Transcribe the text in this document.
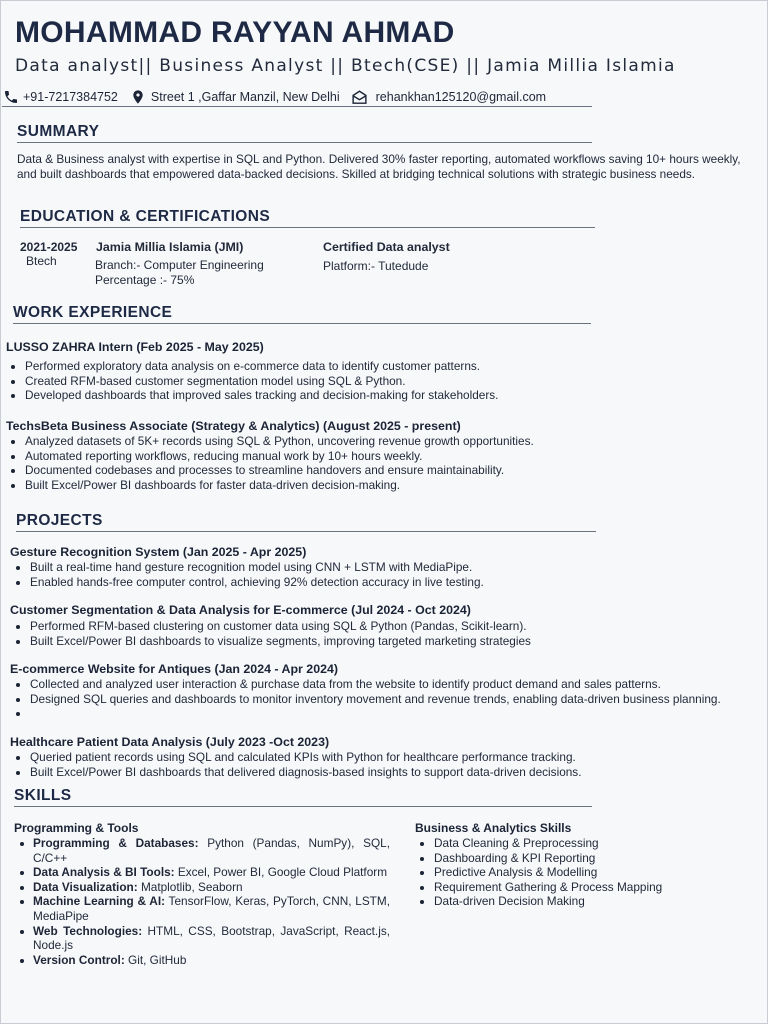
MOHAMMAD RAYYAN AHMAD
Data analyst|| Business Analyst || Btech(CSE) || Jamia Millia Islamia
+91-7217384752	Street 1 ,Gaffar Manzil, New Delhi	rehankhan125120@gmail.com
SUMMARY
Data & Business analyst with expertise in SQL and Python. Delivered 30% faster reporting, automated workflows saving 10+ hours weekly, and built dashboards that empowered data-backed decisions. Skilled at bridging technical solutions with strategic business needs.
EDUCATION & CERTIFICATIONS
2021-2025
Btech
Jamia Millia Islamia (JMI)
Branch:- Computer Engineering
Percentage :- 75%
Certified Data analyst
Platform:- Tutedude
WORK EXPERIENCE
LUSSO ZAHRA Intern (Feb 2025 - May 2025)
Performed exploratory data analysis on e-commerce data to identify customer patterns.
Created RFM-based customer segmentation model using SQL & Python.
Developed dashboards that improved sales tracking and decision-making for stakeholders.
TechsBeta Business Associate (Strategy & Analytics) (August 2025 - present)
Analyzed datasets of 5K+ records using SQL & Python, uncovering revenue growth opportunities.
Automated reporting workflows, reducing manual work by 10+ hours weekly.
Documented codebases and processes to streamline handovers and ensure maintainability.
Built Excel/Power BI dashboards for faster data-driven decision-making.
PROJECTS
Gesture Recognition System (Jan 2025 - Apr 2025)
Built a real-time hand gesture recognition model using CNN + LSTM with MediaPipe.
Enabled hands-free computer control, achieving 92% detection accuracy in live testing.
Customer Segmentation & Data Analysis for E-commerce (Jul 2024 - Oct 2024)
Performed RFM-based clustering on customer data using SQL & Python (Pandas, Scikit-learn).
Built Excel/Power BI dashboards to visualize segments, improving targeted marketing strategies
E-commerce Website for Antiques (Jan 2024 - Apr 2024)
Collected and analyzed user interaction & purchase data from the website to identify product demand and sales patterns.
Designed SQL queries and dashboards to monitor inventory movement and revenue trends, enabling data-driven business planning.
Healthcare Patient Data Analysis (July 2023 -Oct 2023)
Queried patient records using SQL and calculated KPIs with Python for healthcare performance tracking.
Built Excel/Power BI dashboards that delivered diagnosis-based insights to support data-driven decisions.
SKILLS
Programming & Tools
Programming & Databases: Python (Pandas, NumPy), SQL, C/C++
Data Analysis & BI Tools: Excel, Power BI, Google Cloud Platform
Data Visualization: Matplotlib, Seaborn
Machine Learning & AI: TensorFlow, Keras, PyTorch, CNN, LSTM, MediaPipe
Web Technologies: HTML, CSS, Bootstrap, JavaScript, React.js, Node.js
Version Control: Git, GitHub
Business & Analytics Skills
Data Cleaning & Preprocessing
Dashboarding & KPI Reporting
Predictive Analysis & Modelling
Requirement Gathering & Process Mapping
Data-driven Decision Making
